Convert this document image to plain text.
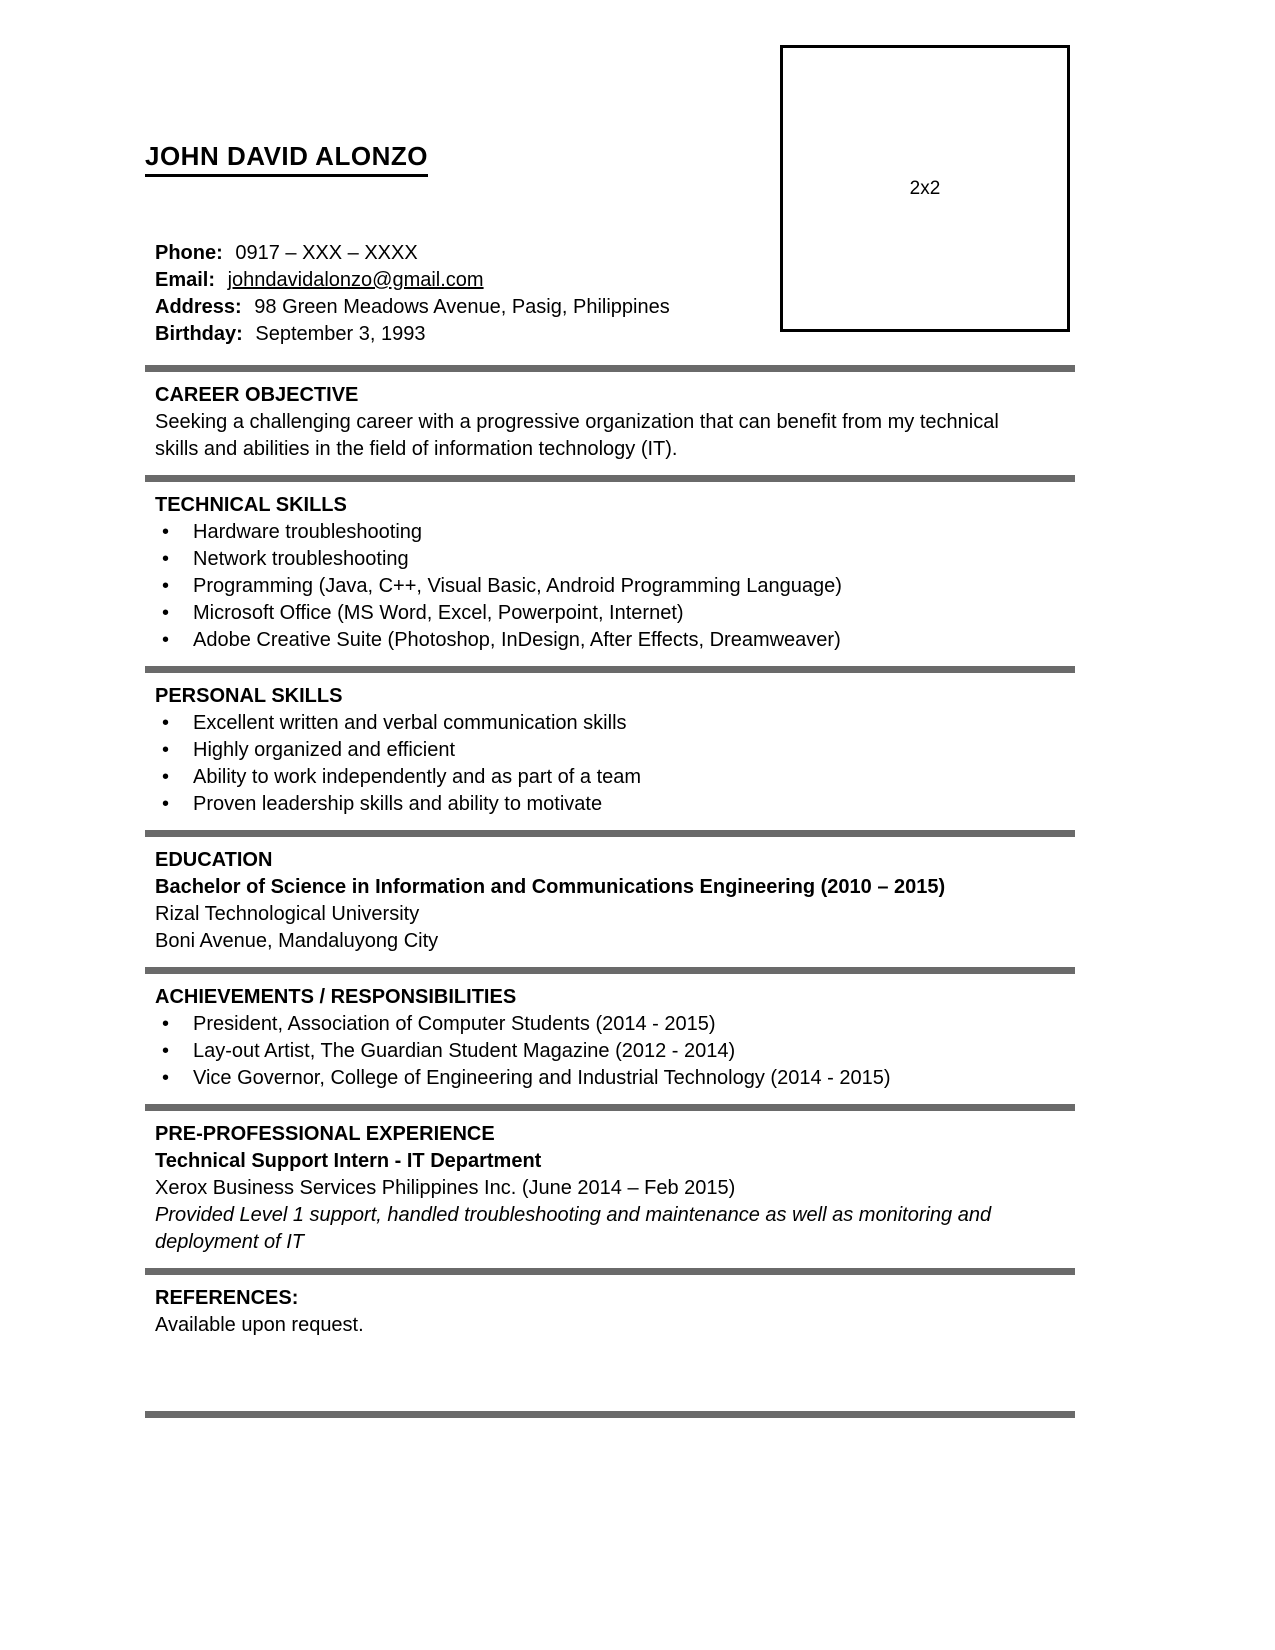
2x2
JOHN DAVID ALONZO
Phone: 0917 – XXX – XXXX
Email: johndavidalonzo@gmail.com
Address: 98 Green Meadows Avenue, Pasig, Philippines
Birthday: September 3, 1993
CAREER OBJECTIVE

Seeking a challenging career with a progressive organization that can benefit from my technical skills and abilities in the field of information technology (IT).

TECHNICAL SKILLS
• Hardware troubleshooting
• Network troubleshooting
• Programming (Java, C++, Visual Basic, Android Programming Language)
• Microsoft Office (MS Word, Excel, Powerpoint, Internet)
• Adobe Creative Suite (Photoshop, InDesign, After Effects, Dreamweaver)
PERSONAL SKILLS
• Excellent written and verbal communication skills
• Highly organized and efficient
• Ability to work independently and as part of a team
• Proven leadership skills and ability to motivate
EDUCATION
Bachelor of Science in Information and Communications Engineering (2010 – 2015)
Rizal Technological University
Boni Avenue, Mandaluyong City
ACHIEVEMENTS / RESPONSIBILITIES
• President, Association of Computer Students (2014 - 2015)
• Lay-out Artist, The Guardian Student Magazine (2012 - 2014)
• Vice Governor, College of Engineering and Industrial Technology (2014 - 2015)
PRE-PROFESSIONAL EXPERIENCE
Technical Support Intern - IT Department
Xerox Business Services Philippines Inc. (June 2014 – Feb 2015)

Provided Level 1 support, handled troubleshooting and maintenance as well as monitoring and deployment of IT

REFERENCES:
Available upon request.
